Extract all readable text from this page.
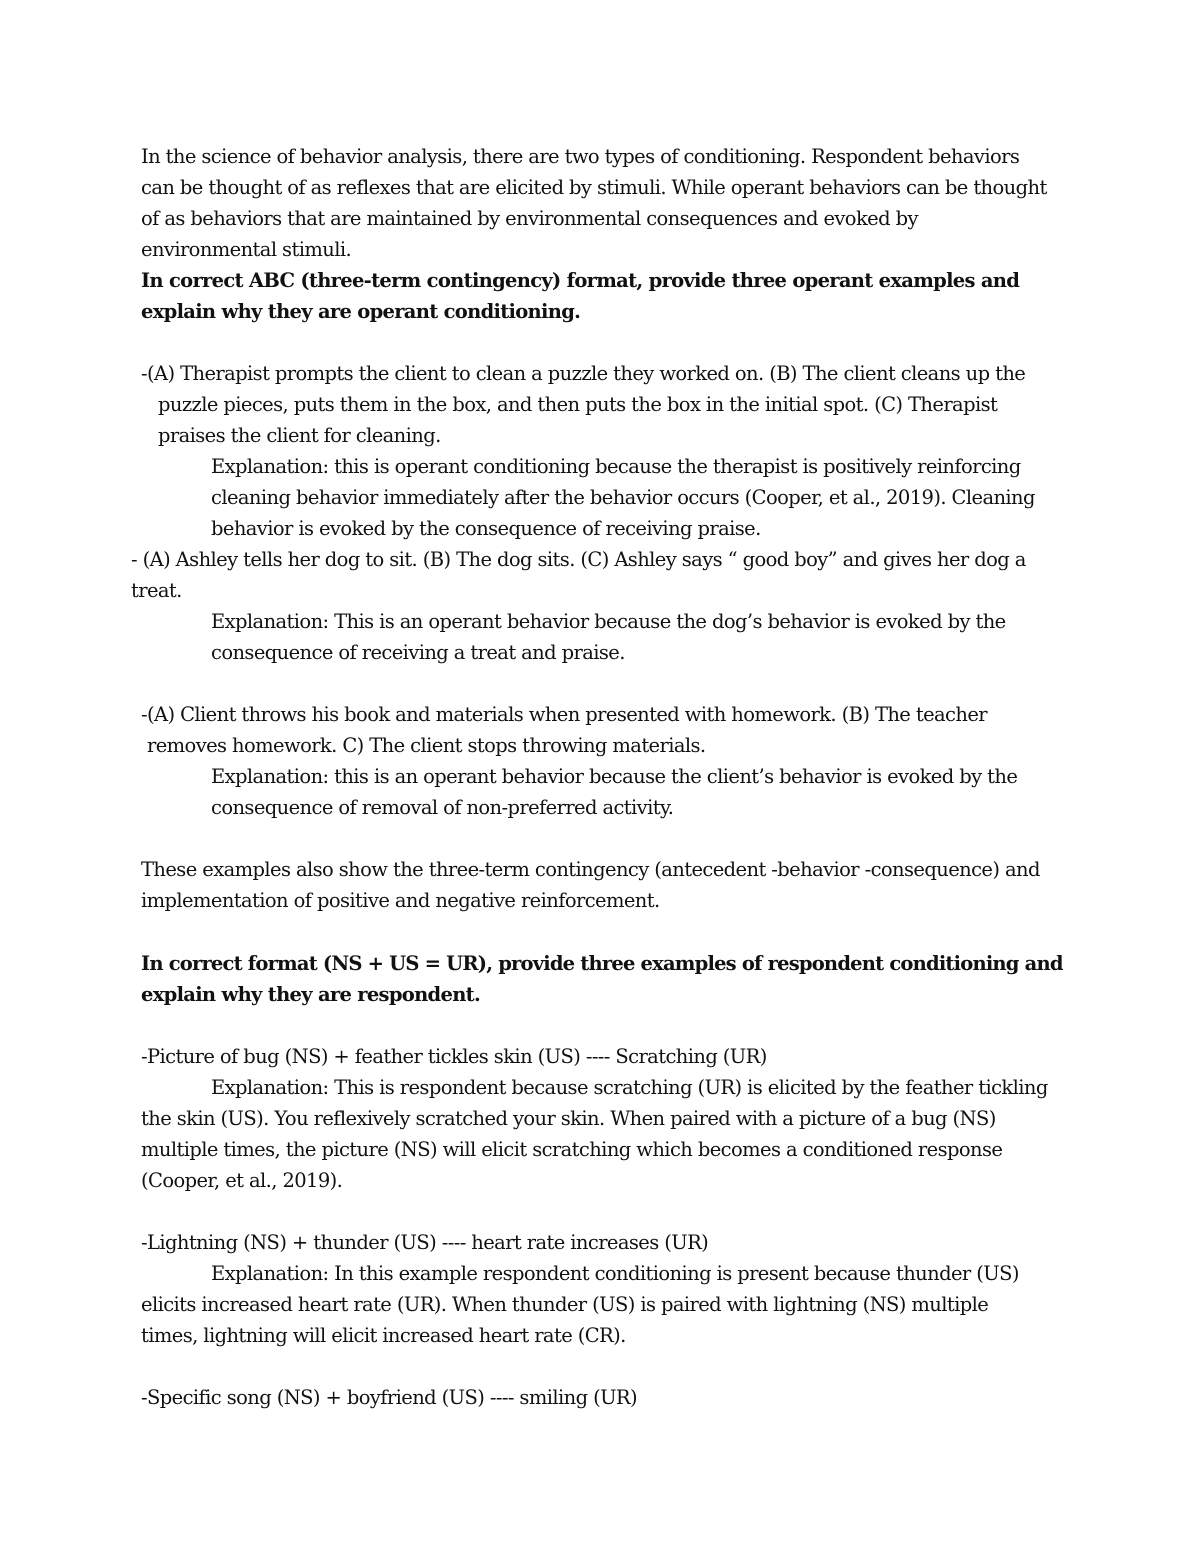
In the science of behavior analysis, there are two types of conditioning. Respondent behaviors
can be thought of as reflexes that are elicited by stimuli. While operant behaviors can be thought
of as behaviors that are maintained by environmental consequences and evoked by
environmental stimuli.
In correct ABC (three-term contingency) format, provide three operant examples and
explain why they are operant conditioning.
-(A) Therapist prompts the client to clean a puzzle they worked on. (B) The client cleans up the
puzzle pieces, puts them in the box, and then puts the box in the initial spot. (C) Therapist
praises the client for cleaning.
Explanation: this is operant conditioning because the therapist is positively reinforcing
cleaning behavior immediately after the behavior occurs (Cooper, et al., 2019). Cleaning
behavior is evoked by the consequence of receiving praise.
- (A) Ashley tells her dog to sit. (B) The dog sits. (C) Ashley says “ good boy” and gives her dog a
treat.
Explanation: This is an operant behavior because the dog’s behavior is evoked by the
consequence of receiving a treat and praise.
-(A) Client throws his book and materials when presented with homework. (B) The teacher
removes homework. C) The client stops throwing materials.
Explanation: this is an operant behavior because the client’s behavior is evoked by the
consequence of removal of non-preferred activity.
These examples also show the three-term contingency (antecedent -behavior -consequence) and
implementation of positive and negative reinforcement.
In correct format (NS + US = UR), provide three examples of respondent conditioning and
explain why they are respondent.
-Picture of bug (NS) + feather tickles skin (US) ---- Scratching (UR)
Explanation: This is respondent because scratching (UR) is elicited by the feather tickling
the skin (US). You reflexively scratched your skin. When paired with a picture of a bug (NS)
multiple times, the picture (NS) will elicit scratching which becomes a conditioned response
(Cooper, et al., 2019).
-Lightning (NS) + thunder (US) ---- heart rate increases (UR)
Explanation: In this example respondent conditioning is present because thunder (US)
elicits increased heart rate (UR). When thunder (US) is paired with lightning (NS) multiple
times, lightning will elicit increased heart rate (CR).
-Specific song (NS) + boyfriend (US) ---- smiling (UR)
